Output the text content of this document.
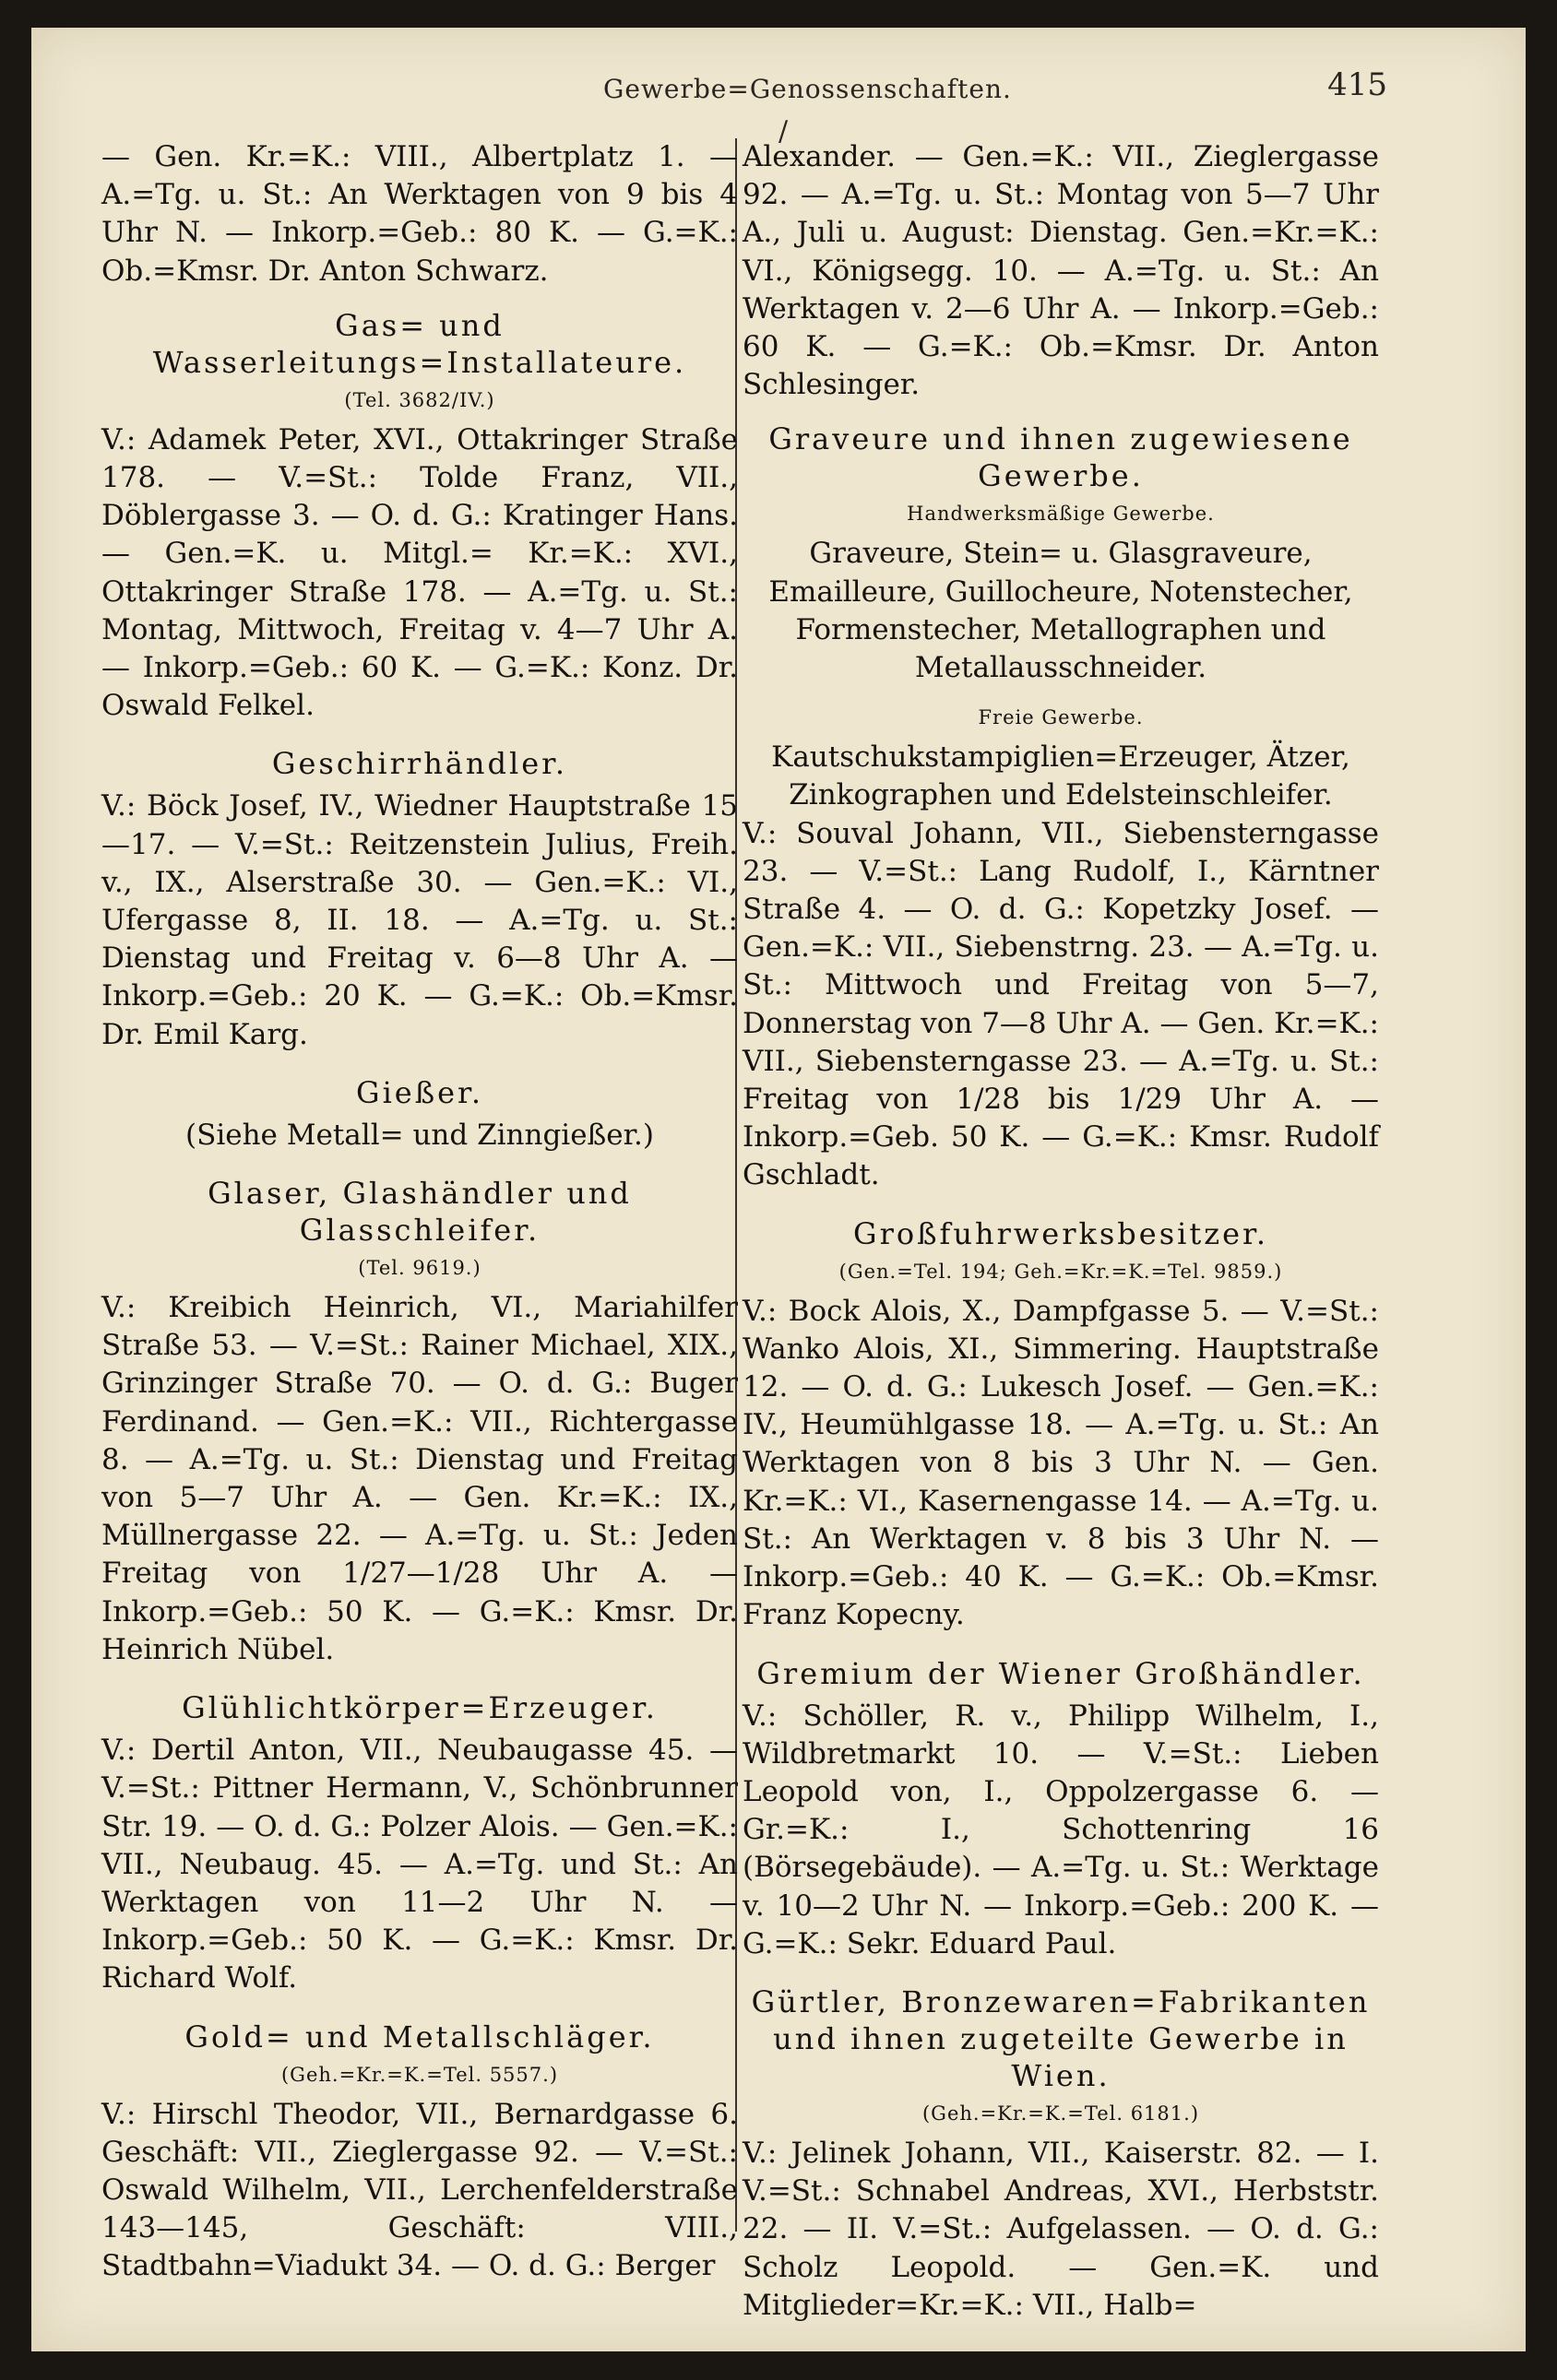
Gewerbe=Genossenschaften.	415
/
— Gen. Kr.=K.: VIII., Albertplatz 1. — A.=Tg. u. St.: An Werktagen von 9 bis 4 Uhr N. — Inkorp.=Geb.: 80 K. — G.=K.: Ob.=Kmsr. Dr. Anton Schwarz.
Gas= und Wasserleitungs=Installateure.
(Tel. 3682/IV.)
V.: Adamek Peter, XVI., Ottakringer Straße 178. — V.=St.: Tolde Franz, VII., Döblergasse 3. — O. d. G.: Kratinger Hans. — Gen.=K. u. Mitgl.= Kr.=K.: XVI., Ottakringer Straße 178. — A.=Tg. u. St.: Montag, Mittwoch, Freitag v. 4—7 Uhr A. — Inkorp.=Geb.: 60 K. — G.=K.: Konz. Dr. Oswald Felkel.
Geschirrhändler.
V.: Böck Josef, IV., Wiedner Hauptstraße 15—17. — V.=St.: Reitzenstein Julius, Freih. v., IX., Alserstraße 30. — Gen.=K.: VI., Ufergasse 8, II. 18. — A.=Tg. u. St.: Dienstag und Freitag v. 6—8 Uhr A. — Inkorp.=Geb.: 20 K. — G.=K.: Ob.=Kmsr. Dr. Emil Karg.
Gießer.
(Siehe Metall= und Zinngießer.)
Glaser, Glashändler und Glasschleifer.
(Tel. 9619.)
V.: Kreibich Heinrich, VI., Mariahilfer Straße 53. — V.=St.: Rainer Michael, XIX., Grinzinger Straße 70. — O. d. G.: Buger Ferdinand. — Gen.=K.: VII., Richtergasse 8. — A.=Tg. u. St.: Dienstag und Freitag von 5—7 Uhr A. — Gen. Kr.=K.: IX., Müllnergasse 22. — A.=Tg. u. St.: Jeden Freitag von 1/27—1/28 Uhr A. — Inkorp.=Geb.: 50 K. — G.=K.: Kmsr. Dr. Heinrich Nübel.
Glühlichtkörper=Erzeuger.
V.: Dertil Anton, VII., Neubaugasse 45. — V.=St.: Pittner Hermann, V., Schönbrunner Str. 19. — O. d. G.: Polzer Alois. — Gen.=K.: VII., Neubaug. 45. — A.=Tg. und St.: An Werktagen von 11—2 Uhr N. — Inkorp.=Geb.: 50 K. — G.=K.: Kmsr. Dr. Richard Wolf.
Gold= und Metallschläger.
(Geh.=Kr.=K.=Tel. 5557.)
V.: Hirschl Theodor, VII., Bernardgasse 6. Geschäft: VII., Zieglergasse 92. — V.=St.: Oswald Wilhelm, VII., Lerchenfelderstraße 143—145, Geschäft: VIII., Stadtbahn=Viadukt 34. — O. d. G.: Berger
Alexander. — Gen.=K.: VII., Zieglergasse 92. — A.=Tg. u. St.: Montag von 5—7 Uhr A., Juli u. August: Dienstag. Gen.=Kr.=K.: VI., Königsegg. 10. — A.=Tg. u. St.: An Werktagen v. 2—6 Uhr A. — Inkorp.=Geb.: 60 K. — G.=K.: Ob.=Kmsr. Dr. Anton Schlesinger.
Graveure und ihnen zugewiesene Gewerbe.
Handwerksmäßige Gewerbe.
Graveure, Stein= u. Glasgraveure, Emailleure, Guillocheure, Notenstecher, Formenstecher, Metallographen und Metallausschneider.
Freie Gewerbe.
Kautschukstampiglien=Erzeuger, Ätzer, Zinkographen und Edelsteinschleifer.
V.: Souval Johann, VII., Siebensterngasse 23. — V.=St.: Lang Rudolf, I., Kärntner Straße 4. — O. d. G.: Kopetzky Josef. — Gen.=K.: VII., Siebenstrng. 23. — A.=Tg. u. St.: Mittwoch und Freitag von 5—7, Donnerstag von 7—8 Uhr A. — Gen. Kr.=K.: VII., Siebensterngasse 23. — A.=Tg. u. St.: Freitag von 1/28 bis 1/29 Uhr A. — Inkorp.=Geb. 50 K. — G.=K.: Kmsr. Rudolf Gschladt.
Großfuhrwerksbesitzer.
(Gen.=Tel. 194; Geh.=Kr.=K.=Tel. 9859.)
V.: Bock Alois, X., Dampfgasse 5. — V.=St.: Wanko Alois, XI., Simmering. Hauptstraße 12. — O. d. G.: Lukesch Josef. — Gen.=K.: IV., Heumühlgasse 18. — A.=Tg. u. St.: An Werktagen von 8 bis 3 Uhr N. — Gen. Kr.=K.: VI., Kasernengasse 14. — A.=Tg. u. St.: An Werktagen v. 8 bis 3 Uhr N. — Inkorp.=Geb.: 40 K. — G.=K.: Ob.=Kmsr. Franz Kopecny.
Gremium der Wiener Großhändler.
V.: Schöller, R. v., Philipp Wilhelm, I., Wildbretmarkt 10. — V.=St.: Lieben Leopold von, I., Oppolzergasse 6. — Gr.=K.: I., Schottenring 16 (Börsegebäude). — A.=Tg. u. St.: Werktage v. 10—2 Uhr N. — Inkorp.=Geb.: 200 K. — G.=K.: Sekr. Eduard Paul.
Gürtler, Bronzewaren=Fabrikanten und ihnen zugeteilte Gewerbe in Wien.
(Geh.=Kr.=K.=Tel. 6181.)
V.: Jelinek Johann, VII., Kaiserstr. 82. — I. V.=St.: Schnabel Andreas, XVI., Herbststr. 22. — II. V.=St.: Aufgelassen. — O. d. G.: Scholz Leopold. — Gen.=K. und Mitglieder=Kr.=K.: VII., Halb=
